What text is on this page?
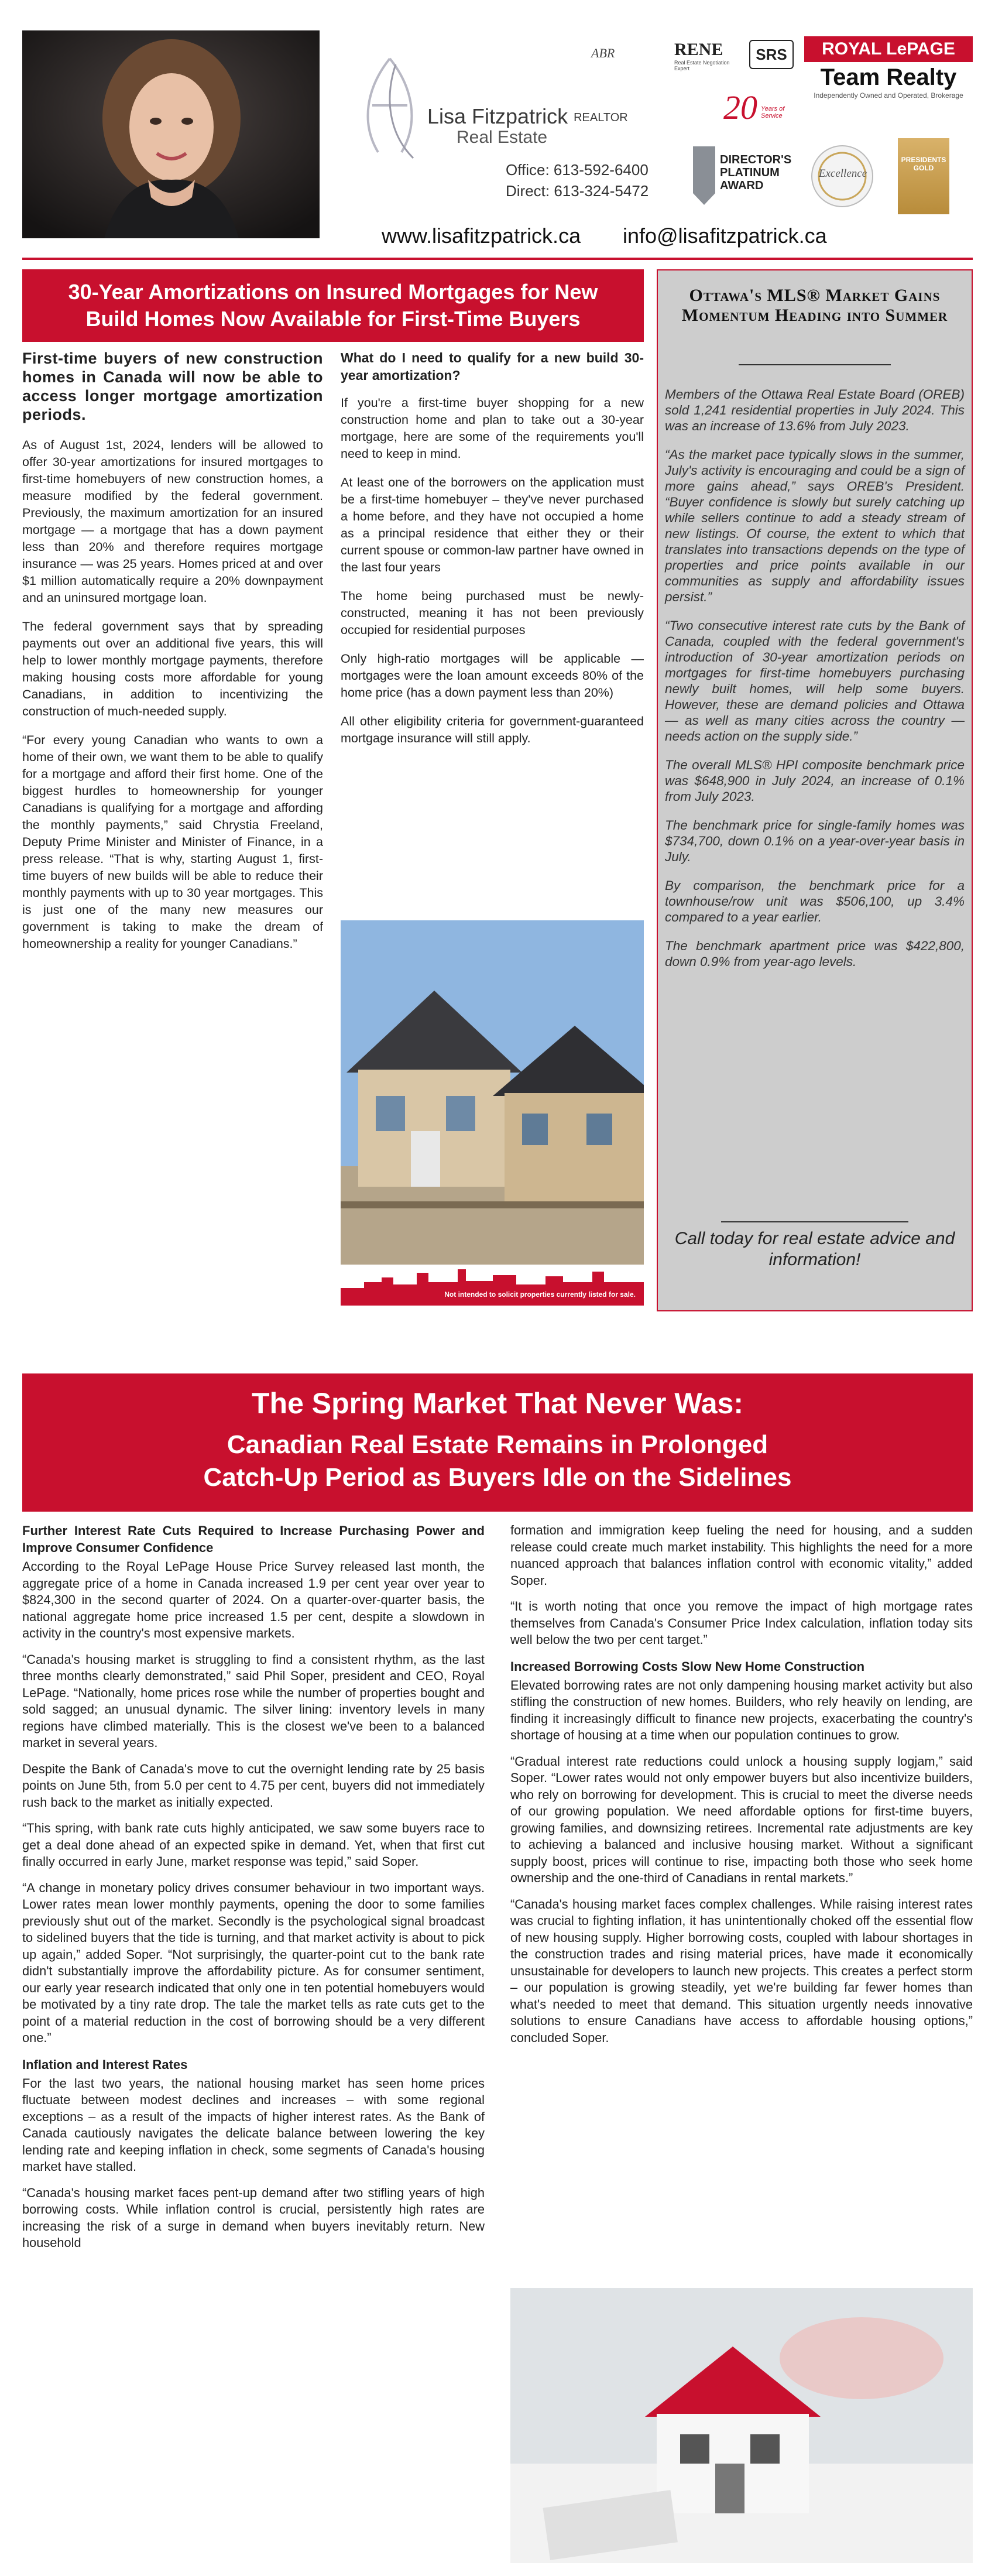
Lisa Fitzpatrick REALTOR
Real Estate
Office: 613-592-6400
Direct: 613-324-5472
ABR	RENE
Real Estate Negotiation Expert
SRS	ROYAL LePAGE
Team Realty
Independently Owned and Operated, Brokerage
20 Years of Service
DIRECTOR'S PLATINUM AWARD
Excellence
PRESIDENTS GOLD
www.lisafitzpatrick.ca info@lisafitzpatrick.ca
30-Year Amortizations on Insured Mortgages for New Build Homes Now Available for First-Time Buyers
First-time buyers of new construction homes in Canada will now be able to access longer mortgage amortization periods.

As of August 1st, 2024, lenders will be allowed to offer 30-year amortizations for insured mortgages to first-time homebuyers of new construction homes, a measure modified by the federal government. Previously, the maximum amortization for an insured mortgage — a mortgage that has a down payment less than 20% and therefore requires mortgage insurance — was 25 years. Homes priced at and over $1 million automatically require a 20% downpayment and an uninsured mortgage loan.

The federal government says that by spreading payments out over an additional five years, this will help to lower monthly mortgage payments, therefore making housing costs more affordable for young Canadians, in addition to incentivizing the construction of much-needed supply.

“For every young Canadian who wants to own a home of their own, we want them to be able to qualify for a mortgage and afford their first home. One of the biggest hurdles to homeownership for younger Canadians is qualifying for a mortgage and affording the monthly payments,” said Chrystia Freeland, Deputy Prime Minister and Minister of Finance, in a press release. “That is why, starting August 1, first-time buyers of new builds will be able to reduce their monthly payments with up to 30 year mortgages. This is just one of the many new measures our government is taking to make the dream of homeownership a reality for younger Canadians.”

What do I need to qualify for a new build 30-year amortization?

If you're a first-time buyer shopping for a new construction home and plan to take out a 30-year mortgage, here are some of the requirements you'll need to keep in mind.

At least one of the borrowers on the application must be a first-time homebuyer – they've never purchased a home before, and they have not occupied a home as a principal residence that either they or their current spouse or common-law partner have owned in the last four years

The home being purchased must be newly-constructed, meaning it has not been previously occupied for residential purposes

Only high-ratio mortgages will be applicable — mortgages were the loan amount exceeds 80% of the home price (has a down payment less than 20%)

All other eligibility criteria for government-guaranteed mortgage insurance will still apply.

Not intended to solicit properties currently listed for sale.
Ottawa's MLS® Market Gains Momentum Heading into Summer

Members of the Ottawa Real Estate Board (OREB) sold 1,241 residential properties in July 2024. This was an increase of 13.6% from July 2023.

“As the market pace typically slows in the summer, July's activity is encouraging and could be a sign of more gains ahead,” says OREB's President. “Buyer confidence is slowly but surely catching up while sellers continue to add a steady stream of new listings. Of course, the extent to which that translates into transactions depends on the type of properties and price points available in our communities as supply and affordability issues persist.”

“Two consecutive interest rate cuts by the Bank of Canada, coupled with the federal government's introduction of 30-year amortization periods on mortgages for first-time homebuyers purchasing newly built homes, will help some buyers. However, these are demand policies and Ottawa — as well as many cities across the country — needs action on the supply side.”

The overall MLS® HPI composite benchmark price was $648,900 in July 2024, an increase of 0.1% from July 2023.

The benchmark price for single-family homes was $734,700, down 0.1% on a year-over-year basis in July.

By comparison, the benchmark price for a townhouse/row unit was $506,100, up 3.4% compared to a year earlier.

The benchmark apartment price was $422,800, down 0.9% from year-ago levels.

Call today for real estate advice and information!
The Spring Market That Never Was:
Canadian Real Estate Remains in Prolonged Catch-Up Period as Buyers Idle on the Sidelines
Further Interest Rate Cuts Required to Increase Purchasing Power and Improve Consumer Confidence

According to the Royal LePage House Price Survey released last month, the aggregate price of a home in Canada increased 1.9 per cent year over year to $824,300 in the second quarter of 2024. On a quarter-over-quarter basis, the national aggregate home price increased 1.5 per cent, despite a slowdown in activity in the country's most expensive markets.

“Canada's housing market is struggling to find a consistent rhythm, as the last three months clearly demonstrated,” said Phil Soper, president and CEO, Royal LePage. “Nationally, home prices rose while the number of properties bought and sold sagged; an unusual dynamic. The silver lining: inventory levels in many regions have climbed materially. This is the closest we've been to a balanced market in several years.

Despite the Bank of Canada's move to cut the overnight lending rate by 25 basis points on June 5th, from 5.0 per cent to 4.75 per cent, buyers did not immediately rush back to the market as initially expected.

“This spring, with bank rate cuts highly anticipated, we saw some buyers race to get a deal done ahead of an expected spike in demand. Yet, when that first cut finally occurred in early June, market response was tepid,” said Soper.

“A change in monetary policy drives consumer behaviour in two important ways. Lower rates mean lower monthly payments, opening the door to some families previously shut out of the market. Secondly is the psychological signal broadcast to sidelined buyers that the tide is turning, and that market activity is about to pick up again,” added Soper. “Not surprisingly, the quarter-point cut to the bank rate didn't substantially improve the affordability picture. As for consumer sentiment, our early year research indicated that only one in ten potential homebuyers would be motivated by a tiny rate drop. The tale the market tells as rate cuts get to the point of a material reduction in the cost of borrowing should be a very different one.”

Inflation and Interest Rates

For the last two years, the national housing market has seen home prices fluctuate between modest declines and increases – with some regional exceptions – as a result of the impacts of higher interest rates. As the Bank of Canada cautiously navigates the delicate balance between lowering the key lending rate and keeping inflation in check, some segments of Canada's housing market have stalled.

“Canada's housing market faces pent-up demand after two stifling years of high borrowing costs. While inflation control is crucial, persistently high rates are increasing the risk of a surge in demand when buyers inevitably return. New household

formation and immigration keep fueling the need for housing, and a sudden release could create much market instability. This highlights the need for a more nuanced approach that balances inflation control with economic vitality,” added Soper.

“It is worth noting that once you remove the impact of high mortgage rates themselves from Canada's Consumer Price Index calculation, inflation today sits well below the two per cent target.”

Increased Borrowing Costs Slow New Home Construction

Elevated borrowing rates are not only dampening housing market activity but also stifling the construction of new homes. Builders, who rely heavily on lending, are finding it increasingly difficult to finance new projects, exacerbating the country's shortage of housing at a time when our population continues to grow.

“Gradual interest rate reductions could unlock a housing supply logjam,” said Soper. “Lower rates would not only empower buyers but also incentivize builders, who rely on borrowing for development. This is crucial to meet the diverse needs of our growing population. We need affordable options for first-time buyers, growing families, and downsizing retirees. Incremental rate adjustments are key to achieving a balanced and inclusive housing market. Without a significant supply boost, prices will continue to rise, impacting both those who seek home ownership and the one-third of Canadians in rental markets.”

“Canada's housing market faces complex challenges. While raising interest rates was crucial to fighting inflation, it has unintentionally choked off the essential flow of new housing supply. Higher borrowing costs, coupled with labour shortages in the construction trades and rising material prices, have made it economically unsustainable for developers to launch new projects. This creates a perfect storm – our population is growing steadily, yet we're building far fewer homes than what's needed to meet that demand. This situation urgently needs innovative solutions to ensure Canadians have access to affordable housing options,” concluded Soper.
